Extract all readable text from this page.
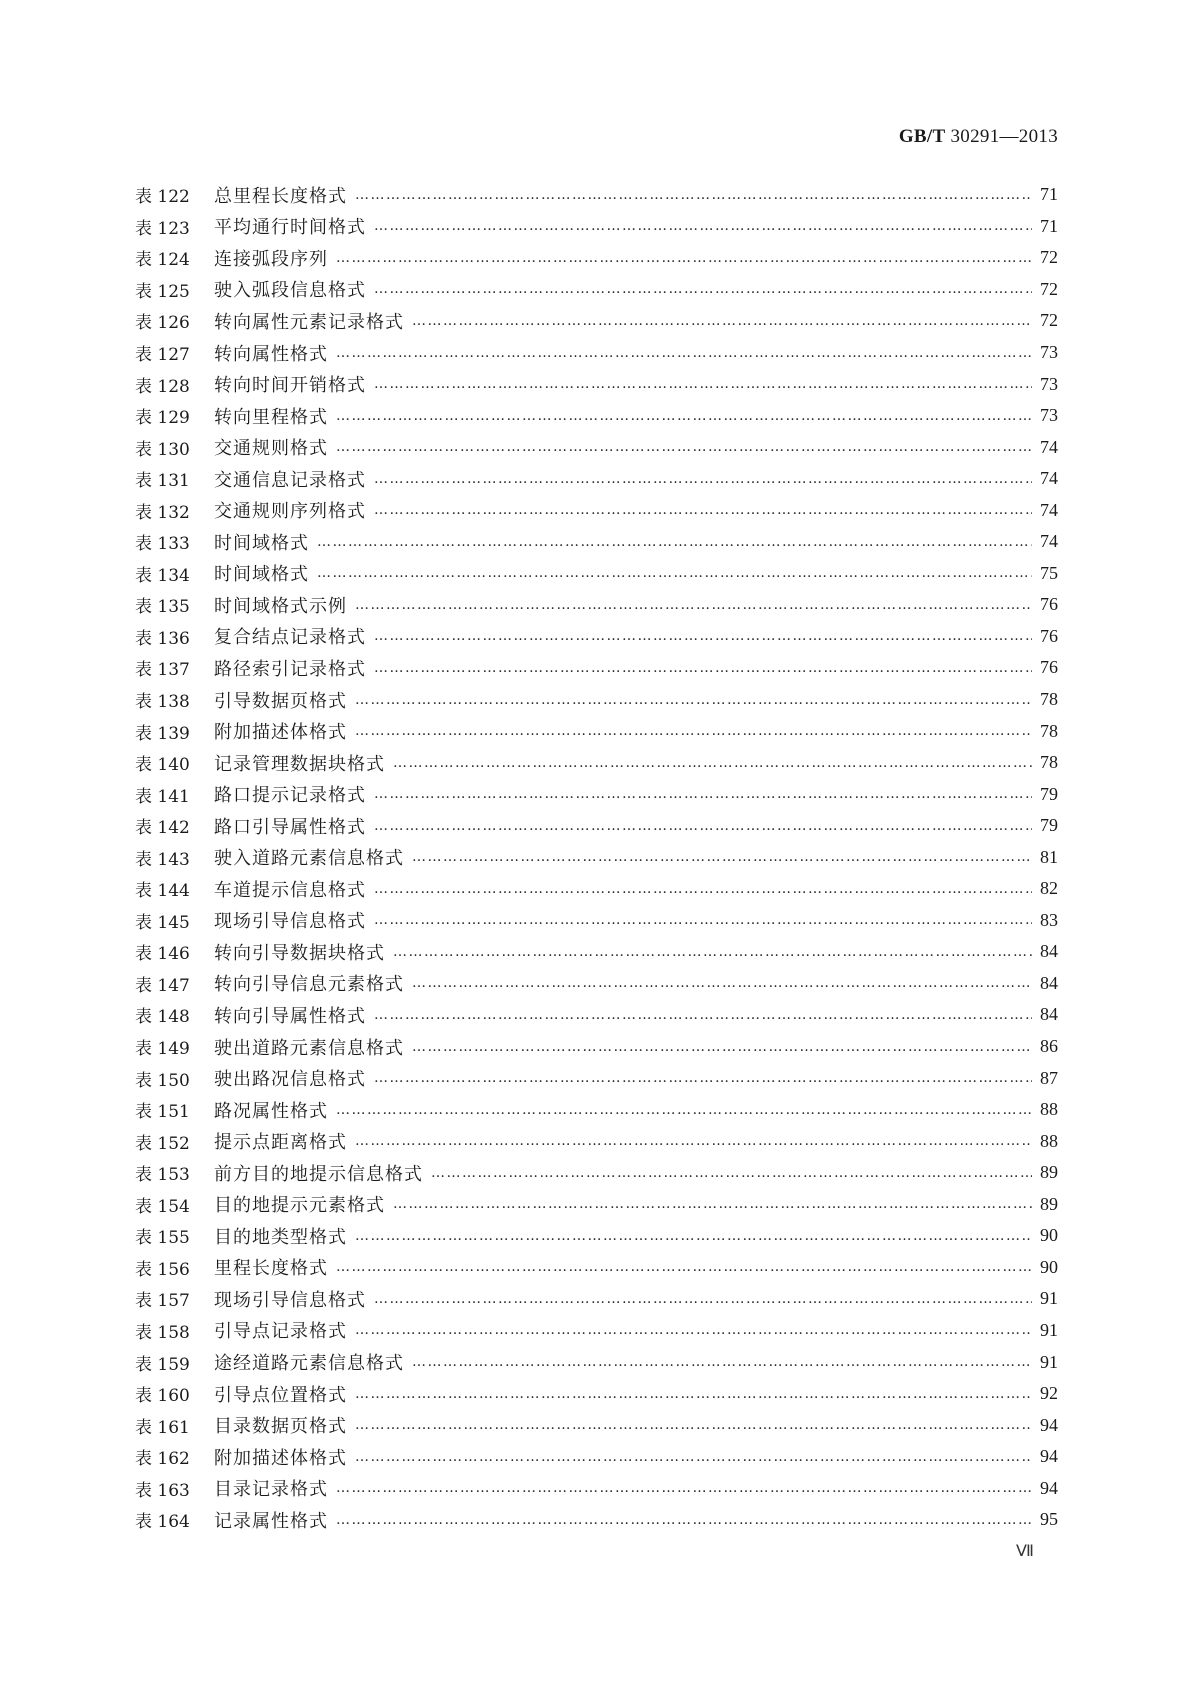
GB/T 30291—2013
表 122	总里程长度格式 …………………………………………………………………………………………………………………………………………………………………………………………………………	71
表 123	平均通行时间格式 …………………………………………………………………………………………………………………………………………………………………………………………………………	71
表 124	连接弧段序列 …………………………………………………………………………………………………………………………………………………………………………………………………………	72
表 125	驶入弧段信息格式 …………………………………………………………………………………………………………………………………………………………………………………………………………	72
表 126	转向属性元素记录格式 …………………………………………………………………………………………………………………………………………………………………………………………………………	72
表 127	转向属性格式 …………………………………………………………………………………………………………………………………………………………………………………………………………	73
表 128	转向时间开销格式 …………………………………………………………………………………………………………………………………………………………………………………………………………	73
表 129	转向里程格式 …………………………………………………………………………………………………………………………………………………………………………………………………………	73
表 130	交通规则格式 …………………………………………………………………………………………………………………………………………………………………………………………………………	74
表 131	交通信息记录格式 …………………………………………………………………………………………………………………………………………………………………………………………………………	74
表 132	交通规则序列格式 …………………………………………………………………………………………………………………………………………………………………………………………………………	74
表 133	时间域格式 …………………………………………………………………………………………………………………………………………………………………………………………………………	74
表 134	时间域格式 …………………………………………………………………………………………………………………………………………………………………………………………………………	75
表 135	时间域格式示例 …………………………………………………………………………………………………………………………………………………………………………………………………………	76
表 136	复合结点记录格式 …………………………………………………………………………………………………………………………………………………………………………………………………………	76
表 137	路径索引记录格式 …………………………………………………………………………………………………………………………………………………………………………………………………………	76
表 138	引导数据页格式 …………………………………………………………………………………………………………………………………………………………………………………………………………	78
表 139	附加描述体格式 …………………………………………………………………………………………………………………………………………………………………………………………………………	78
表 140	记录管理数据块格式 …………………………………………………………………………………………………………………………………………………………………………………………………………	78
表 141	路口提示记录格式 …………………………………………………………………………………………………………………………………………………………………………………………………………	79
表 142	路口引导属性格式 …………………………………………………………………………………………………………………………………………………………………………………………………………	79
表 143	驶入道路元素信息格式 …………………………………………………………………………………………………………………………………………………………………………………………………………	81
表 144	车道提示信息格式 …………………………………………………………………………………………………………………………………………………………………………………………………………	82
表 145	现场引导信息格式 …………………………………………………………………………………………………………………………………………………………………………………………………………	83
表 146	转向引导数据块格式 …………………………………………………………………………………………………………………………………………………………………………………………………………	84
表 147	转向引导信息元素格式 …………………………………………………………………………………………………………………………………………………………………………………………………………	84
表 148	转向引导属性格式 …………………………………………………………………………………………………………………………………………………………………………………………………………	84
表 149	驶出道路元素信息格式 …………………………………………………………………………………………………………………………………………………………………………………………………………	86
表 150	驶出路况信息格式 …………………………………………………………………………………………………………………………………………………………………………………………………………	87
表 151	路况属性格式 …………………………………………………………………………………………………………………………………………………………………………………………………………	88
表 152	提示点距离格式 …………………………………………………………………………………………………………………………………………………………………………………………………………	88
表 153	前方目的地提示信息格式 …………………………………………………………………………………………………………………………………………………………………………………………………………	89
表 154	目的地提示元素格式 …………………………………………………………………………………………………………………………………………………………………………………………………………	89
表 155	目的地类型格式 …………………………………………………………………………………………………………………………………………………………………………………………………………	90
表 156	里程长度格式 …………………………………………………………………………………………………………………………………………………………………………………………………………	90
表 157	现场引导信息格式 …………………………………………………………………………………………………………………………………………………………………………………………………………	91
表 158	引导点记录格式 …………………………………………………………………………………………………………………………………………………………………………………………………………	91
表 159	途经道路元素信息格式 …………………………………………………………………………………………………………………………………………………………………………………………………………	91
表 160	引导点位置格式 …………………………………………………………………………………………………………………………………………………………………………………………………………	92
表 161	目录数据页格式 …………………………………………………………………………………………………………………………………………………………………………………………………………	94
表 162	附加描述体格式 …………………………………………………………………………………………………………………………………………………………………………………………………………	94
表 163	目录记录格式 …………………………………………………………………………………………………………………………………………………………………………………………………………	94
表 164	记录属性格式 …………………………………………………………………………………………………………………………………………………………………………………………………………	95
Ⅶ
